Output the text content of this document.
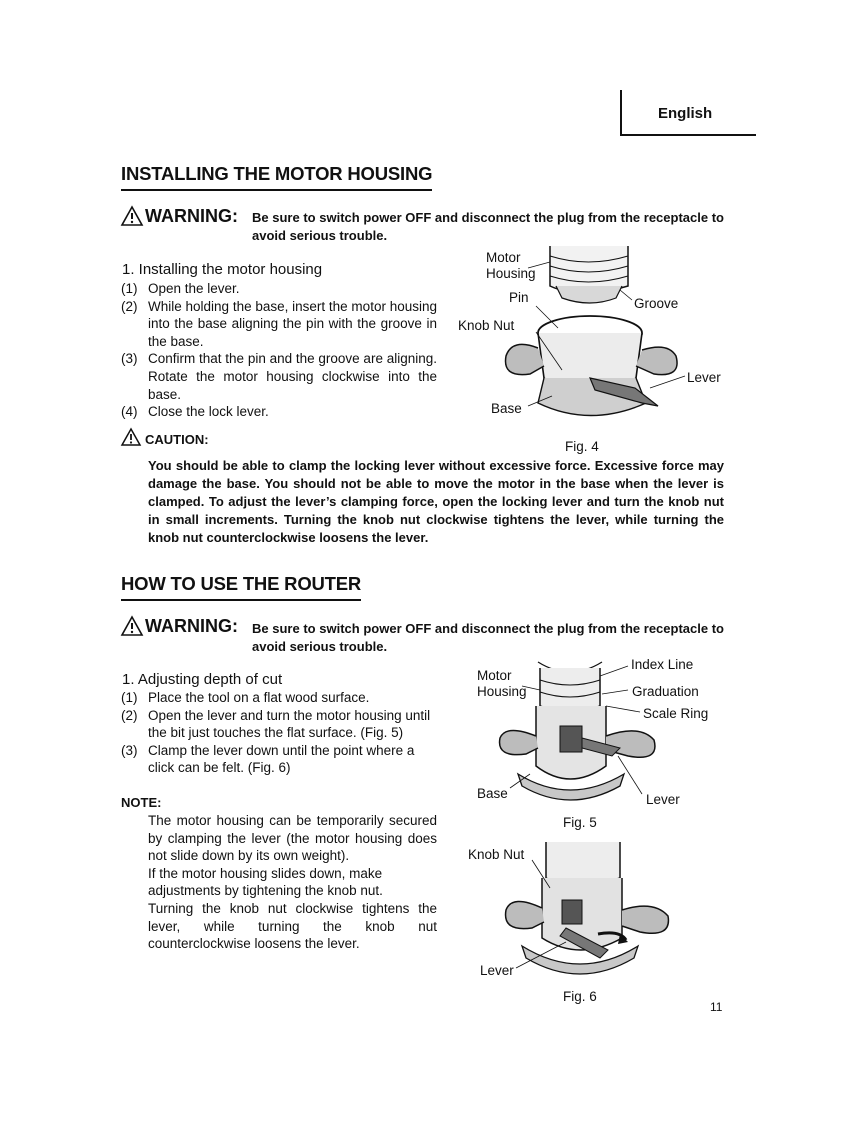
English
INSTALLING THE MOTOR HOUSING
WARNING: Be sure to switch power OFF and disconnect the plug from the receptacle to avoid serious trouble.
1. Installing the motor housing
(1) Open the lever.
(2) While holding the base, insert the motor housing into the base aligning the pin with the groove in the base.
(3) Confirm that the pin and the groove are aligning. Rotate the motor housing clockwise into the base.
(4) Close the lock lever.
CAUTION:
You should be able to clamp the locking lever without excessive force. Excessive force may damage the base. You should not be able to move the motor in the base when the lever is clamped. To adjust the lever’s clamping force, open the locking lever and turn the knob nut in small increments. Turning the knob nut clockwise tightens the lever, while turning the knob nut counterclockwise loosens the lever.
Motor
Housing
Pin	Groove
Knob Nut
Lever
Base
Fig. 4
HOW TO USE THE ROUTER
WARNING: Be sure to switch power OFF and disconnect the plug from the receptacle to avoid serious trouble.
1. Adjusting depth of cut
(1) Place the tool on a flat wood surface.
(2) Open the lever and turn the motor housing until the bit just touches the flat surface. (Fig. 5)
(3) Clamp the lever down until the point where a click can be felt. (Fig. 6)
NOTE:
The motor housing can be temporarily secured by clamping the lever (the motor housing does not slide down by its own weight).
If the motor housing slides down, make adjustments by tightening the knob nut.
Turning the knob nut clockwise tightens the lever, while turning the knob nut counterclockwise loosens the lever.
Index Line
Motor
Housing	Graduation
Scale Ring
Base	Lever
Fig. 5
Knob Nut
Lever
Fig. 6
11
